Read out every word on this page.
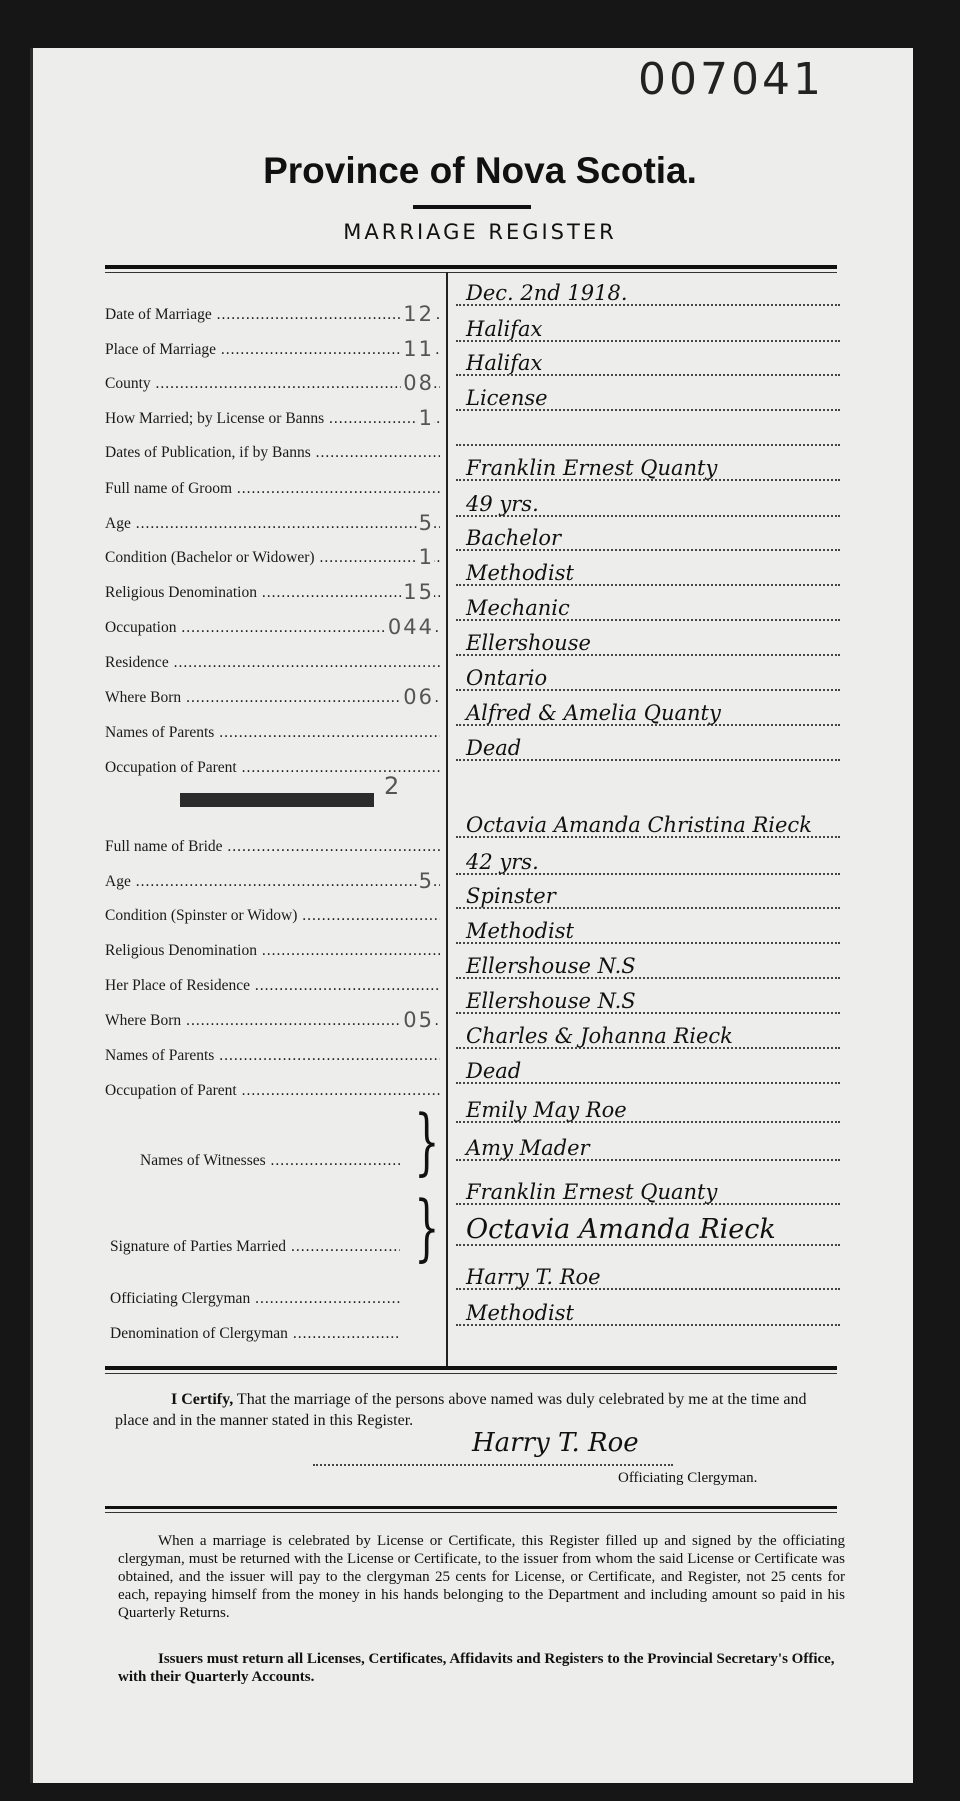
007041
Province of Nova Scotia.
MARRIAGE REGISTER
Date of Marriage .....	12
Dec. 2nd 1918.
Place of Marriage .....	11
Halifax
County .....	08
Halifax
How Married; by License or Banns .....	1
License
Dates of Publication, if by Banns .....
Full name of Groom .....
Franklin Ernest Quanty
Age .....	5
49 yrs.
Condition (Bachelor or Widower) .....	1
Bachelor
Religious Denomination .....	15
Methodist
Occupation .....	044
Mechanic
Residence .....
Ellershouse
Where Born .....	06
Ontario
Names of Parents .....
Alfred & Amelia Quanty
Occupation of Parent .....
Dead
2
Full name of Bride .....
Octavia Amanda Christina Rieck
Age .....	5
42 yrs.
Condition (Spinster or Widow) .....
Spinster
Religious Denomination .....
Methodist
Her Place of Residence .....
Ellershouse N.S
Where Born .....	05
Ellershouse N.S
Names of Parents .....
Charles & Johanna Rieck
Occupation of Parent .....
Dead
Names of Witnesses .....	} Emily May Roe
Amy Mader
Signature of Parties Married .....	} Franklin Ernest Quanty
Octavia Amanda Rieck
Officiating Clergyman .....
Harry T. Roe
Denomination of Clergyman .....
Methodist
I Certify, That the marriage of the persons above named was duly celebrated by me at the time and place and in the manner stated in this Register.
Harry T. Roe
Officiating Clergyman.
When a marriage is celebrated by License or Certificate, this Register filled up and signed by the officiating clergyman, must be returned with the License or Certificate, to the issuer from whom the said License or Certificate was obtained, and the issuer will pay to the clergyman 25 cents for License, or Certificate, and Register, not 25 cents for each, repaying himself from the money in his hands belonging to the Department and including amount so paid in his Quarterly Returns.
Issuers must return all Licenses, Certificates, Affidavits and Registers to the Provincial Secretary's Office, with their Quarterly Accounts.
